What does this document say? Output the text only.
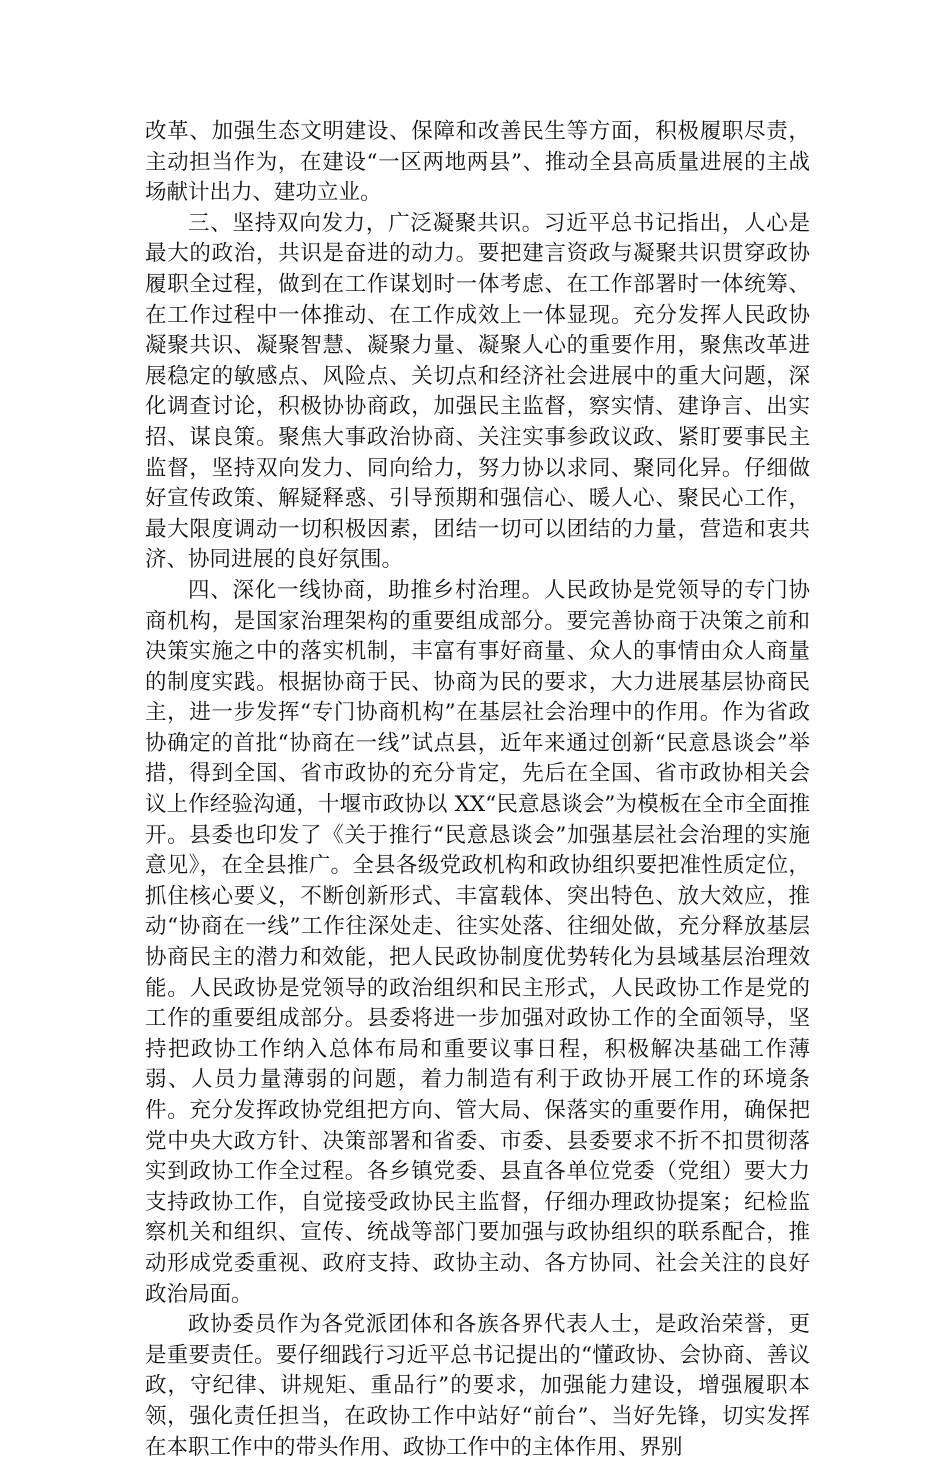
改革、加强生态文明建设、保障和改善民生等方面，积极履职尽责，主动担当作为，在建设“一区两地两县”、推动全县高质量进展的主战场献计出力、建功立业。

三、坚持双向发力，广泛凝聚共识。习近平总书记指出，人心是最大的政治，共识是奋进的动力。要把建言资政与凝聚共识贯穿政协履职全过程，做到在工作谋划时一体考虑、在工作部署时一体统筹、在工作过程中一体推动、在工作成效上一体显现。充分发挥人民政协凝聚共识、凝聚智慧、凝聚力量、凝聚人心的重要作用，聚焦改革进展稳定的敏感点、风险点、关切点和经济社会进展中的重大问题，深化调查讨论，积极协协商政，加强民主监督，察实情、建诤言、出实招、谋良策。聚焦大事政治协商、关注实事参政议政、紧盯要事民主监督，坚持双向发力、同向给力，努力协以求同、聚同化异。仔细做好宣传政策、解疑释惑、引导预期和强信心、暖人心、聚民心工作，最大限度调动一切积极因素，团结一切可以团结的力量，营造和衷共济、协同进展的良好氛围。

四、深化一线协商，助推乡村治理。人民政协是党领导的专门协商机构，是国家治理架构的重要组成部分。要完善协商于决策之前和决策实施之中的落实机制，丰富有事好商量、众人的事情由众人商量的制度实践。根据协商于民、协商为民的要求，大力进展基层协商民主，进一步发挥“专门协商机构”在基层社会治理中的作用。作为省政协确定的首批“协商在一线”试点县，近年来通过创新“民意恳谈会”举措，得到全国、省市政协的充分肯定，先后在全国、省市政协相关会议上作经验沟通，十堰市政协以 XX“民意恳谈会”为模板在全市全面推开。县委也印发了《关于推行“民意恳谈会”加强基层社会治理的实施意见》，在全县推广。全县各级党政机构和政协组织要把准性质定位，抓住核心要义，不断创新形式、丰富载体、突出特色、放大效应，推动“协商在一线”工作往深处走、往实处落、往细处做，充分释放基层协商民主的潜力和效能，把人民政协制度优势转化为县域基层治理效能。人民政协是党领导的政治组织和民主形式，人民政协工作是党的工作的重要组成部分。县委将进一步加强对政协工作的全面领导，坚持把政协工作纳入总体布局和重要议事日程，积极解决基础工作薄弱、人员力量薄弱的问题，着力制造有利于政协开展工作的环境条件。充分发挥政协党组把方向、管大局、保落实的重要作用，确保把党中央大政方针、决策部署和省委、市委、县委要求不折不扣贯彻落实到政协工作全过程。各乡镇党委、县直各单位党委（党组）要大力支持政协工作，自觉接受政协民主监督，仔细办理政协提案；纪检监察机关和组织、宣传、统战等部门要加强与政协组织的联系配合，推动形成党委重视、政府支持、政协主动、各方协同、社会关注的良好政治局面。

政协委员作为各党派团体和各族各界代表人士，是政治荣誉，更是重要责任。要仔细践行习近平总书记提出的“懂政协、会协商、善议政，守纪律、讲规矩、重品行”的要求，加强能力建设，增强履职本领，强化责任担当，在政协工作中站好“前台”、当好先锋，切实发挥在本职工作中的带头作用、政协工作中的主体作用、界别
